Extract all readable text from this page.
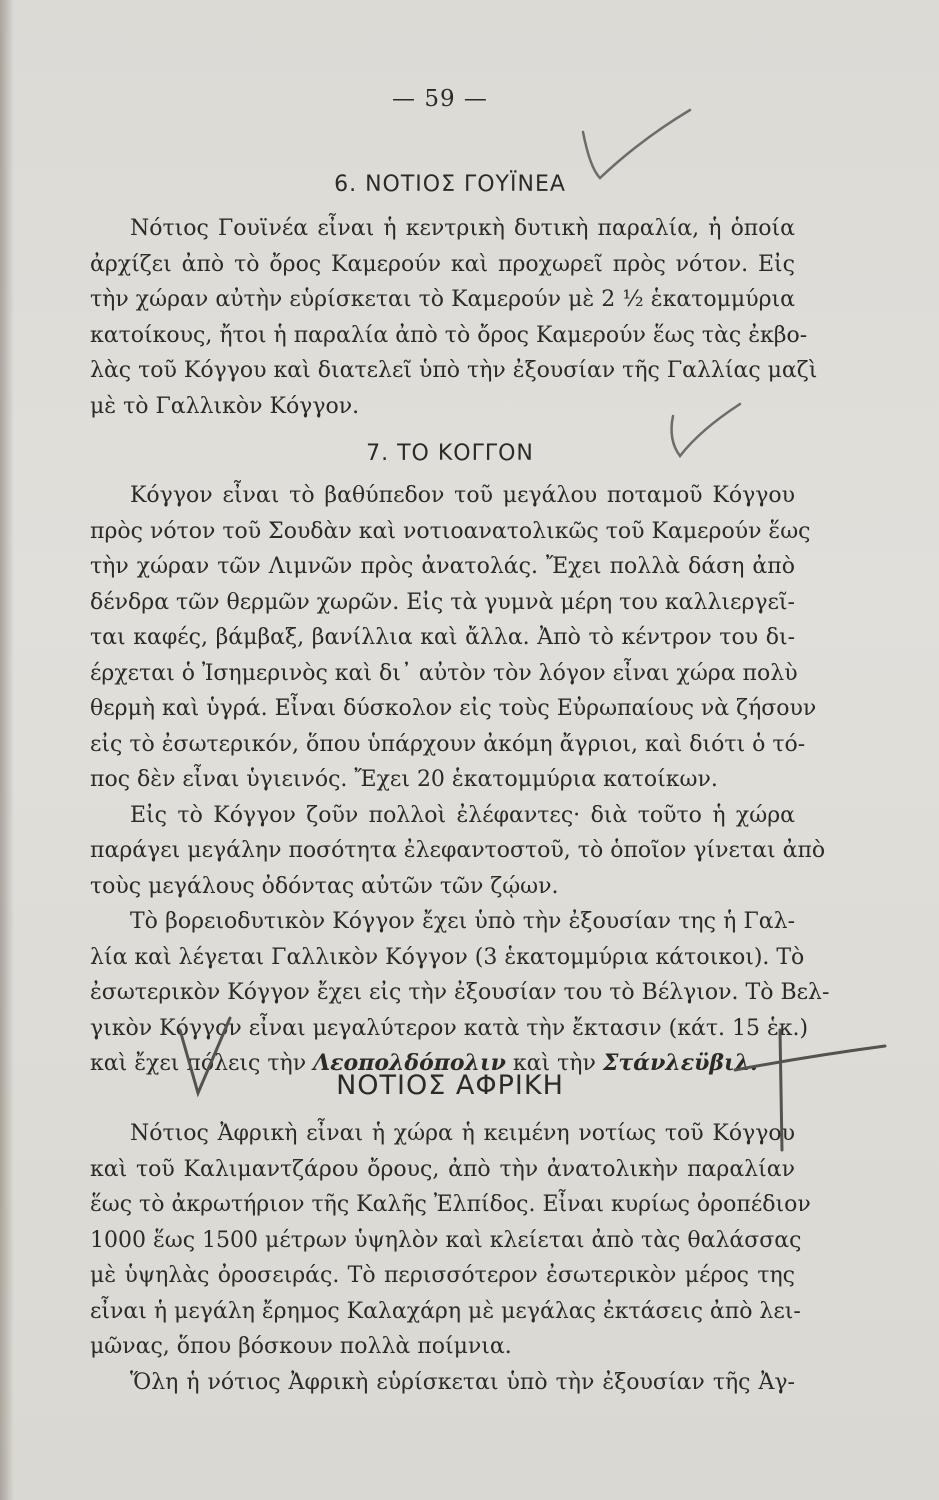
— 59 —
6. ΝΟΤΙΟΣ ΓΟΥΪΝΕΑ
Νότιος Γουϊνέα εἶναι ἡ κεντρικὴ δυτικὴ παραλία, ἡ ὁποία
ἀρχίζει ἀπὸ τὸ ὄρος Καμερούν καὶ προχωρεῖ πρὸς νότον. Εἰς
τὴν χώραν αὐτὴν εὑρίσκεται τὸ Καμερούν μὲ 2 ½ ἑκατομμύρια
κατοίκους, ἤτοι ἡ παραλία ἀπὸ τὸ ὄρος Καμερούν ἕως τὰς ἐκβο-
λὰς τοῦ Κόγγου καὶ διατελεῖ ὑπὸ τὴν ἐξουσίαν τῆς Γαλλίας μαζὶ
μὲ τὸ Γαλλικὸν Κόγγον.
7. ΤΟ ΚΟΓΓΟΝ
Κόγγον εἶναι τὸ βαθύπεδον τοῦ μεγάλου ποταμοῦ Κόγγου
πρὸς νότον τοῦ Σουδὰν καὶ νοτιοανατολικῶς τοῦ Καμερούν ἕως
τὴν χώραν τῶν Λιμνῶν πρὸς ἀνατολάς. Ἔχει πολλὰ δάση ἀπὸ
δένδρα τῶν θερμῶν χωρῶν. Εἰς τὰ γυμνὰ μέρη του καλλιεργεῖ-
ται καφές, βάμβαξ, βανίλλια καὶ ἄλλα. Ἀπὸ τὸ κέντρον του δι-
έρχεται ὁ Ἰσημερινὸς καὶ δι᾽ αὐτὸν τὸν λόγον εἶναι χώρα πολὺ
θερμὴ καὶ ὑγρά. Εἶναι δύσκολον εἰς τοὺς Εὐρωπαίους νὰ ζήσουν
εἰς τὸ ἐσωτερικόν, ὅπου ὑπάρχουν ἀκόμη ἄγριοι, καὶ διότι ὁ τό-
πος δὲν εἶναι ὑγιεινός. Ἔχει 20 ἑκατομμύρια κατοίκων.
Εἰς τὸ Κόγγον ζοῦν πολλοὶ ἐλέφαντες· διὰ τοῦτο ἡ χώρα
παράγει μεγάλην ποσότητα ἐλεφαντοστοῦ, τὸ ὁποῖον γίνεται ἀπὸ
τοὺς μεγάλους ὀδόντας αὐτῶν τῶν ζῴων.
Τὸ βορειοδυτικὸν Κόγγον ἔχει ὑπὸ τὴν ἐξουσίαν της ἡ Γαλ-
λία καὶ λέγεται Γαλλικὸν Κόγγον (3 ἑκατομμύρια κάτοικοι). Τὸ
ἐσωτερικὸν Κόγγον ἔχει εἰς τὴν ἐξουσίαν του τὸ Βέλγιον. Τὸ Βελ-
γικὸν Κόγγον εἶναι μεγαλύτερον κατὰ τὴν ἔκτασιν (κάτ. 15 ἑκ.)
καὶ ἔχει πόλεις τὴν Λεοπολδόπολιν καὶ τὴν Στάνλεϋβιλ.
ΝΟΤΙΟΣ ΑΦΡΙΚΗ
Νότιος Ἀφρικὴ εἶναι ἡ χώρα ἡ κειμένη νοτίως τοῦ Κόγγου
καὶ τοῦ Καλιμαντζάρου ὄρους, ἀπὸ τὴν ἀνατολικὴν παραλίαν
ἕως τὸ ἀκρωτήριον τῆς Καλῆς Ἐλπίδος. Εἶναι κυρίως ὀροπέδιον
1000 ἕως 1500 μέτρων ὑψηλὸν καὶ κλείεται ἀπὸ τὰς θαλάσσας
μὲ ὑψηλὰς ὀροσειράς. Τὸ περισσότερον ἐσωτερικὸν μέρος της
εἶναι ἡ μεγάλη ἔρημος Καλαχάρη μὲ μεγάλας ἐκτάσεις ἀπὸ λει-
μῶνας, ὅπου βόσκουν πολλὰ ποίμνια.
Ὅλη ἡ νότιος Ἀφρικὴ εὑρίσκεται ὑπὸ τὴν ἐξουσίαν τῆς Ἀγ-
